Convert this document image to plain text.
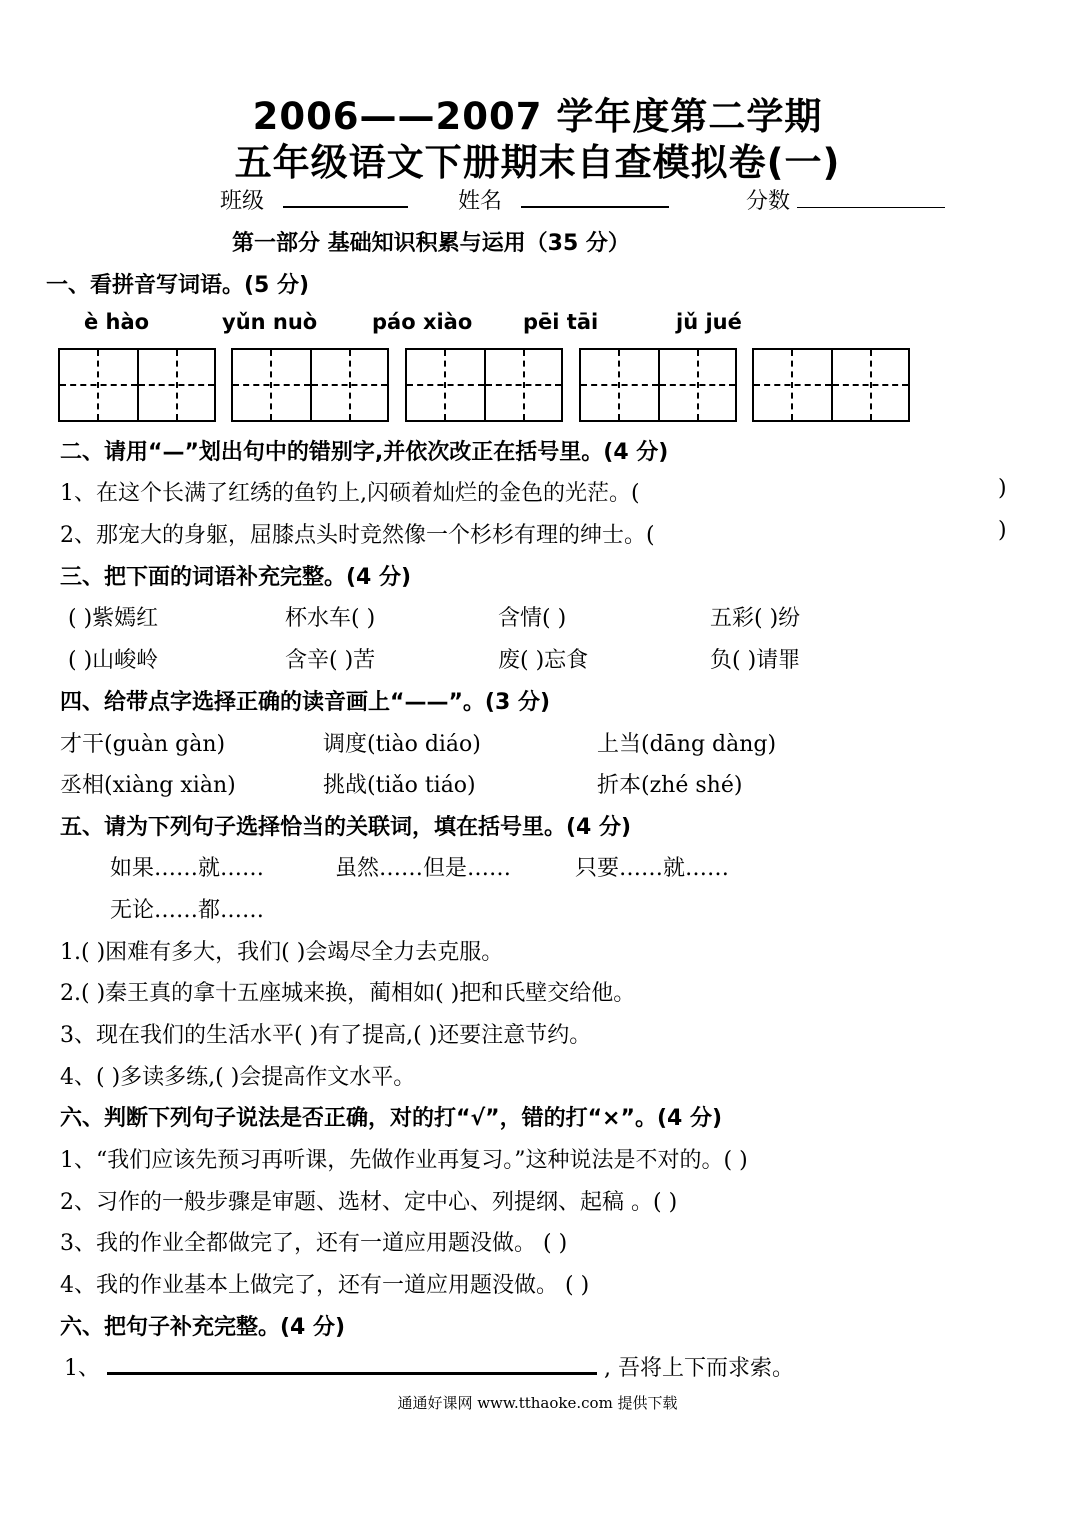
2006——2007 学年度第二学期
五年级语文下册期末自查模拟卷(一)
班级	姓名	分数
第一部分 基础知识积累与运用（35 分）
一、看拼音写词语。(5 分)
è hào	yǔn nuò	páo xiào pēi tāi	jǔ jué
二、请用“—”划出句中的错别字,并依次改正在括号里。(4 分)
1、在这个长满了红绣的鱼钓上,闪硕着灿烂的金色的光茫。(	)
2、那宠大的身躯，屈膝点头时竞然像一个杉杉有理的绅士。(	)
三、把下面的词语补充完整。(4 分)
( )紫嫣红	杯水车( )	含情( )	五彩( )纷
( )山峻岭	含辛( )苦	废( )忘食	负( )请罪
四、给带点字选择正确的读音画上“——”。(3 分)
才干(guàn gàn)	调度(tiào diáo)	上当(dāng dàng)
丞相(xiàng xiàn)	挑战(tiǎo tiáo)	折本(zhé shé)
五、请为下列句子选择恰当的关联词，填在括号里。(4 分)
如果……就……	虽然……但是……	只要……就……
无论……都……
1.( )困难有多大，我们( )会竭尽全力去克服。
2.( )秦王真的拿十五座城来换，蔺相如( )把和氏壁交给他。
3、现在我们的生活水平( )有了提高,( )还要注意节约。
4、( )多读多练,( )会提高作文水平。
六、判断下列句子说法是否正确，对的打“√”，错的打“×”。(4 分)
1、“我们应该先预习再听课，先做作业再复习。”这种说法是不对的。( )
2、习作的一般步骤是审题、选材、定中心、列提纲、起稿 。( )
3、我的作业全都做完了，还有一道应用题没做。 ( )
4、我的作业基本上做完了，还有一道应用题没做。 ( )
六、把句子补充完整。(4 分)
1、	, 吾将上下而求索。
通通好课网 www.tthaoke.com 提供下载
